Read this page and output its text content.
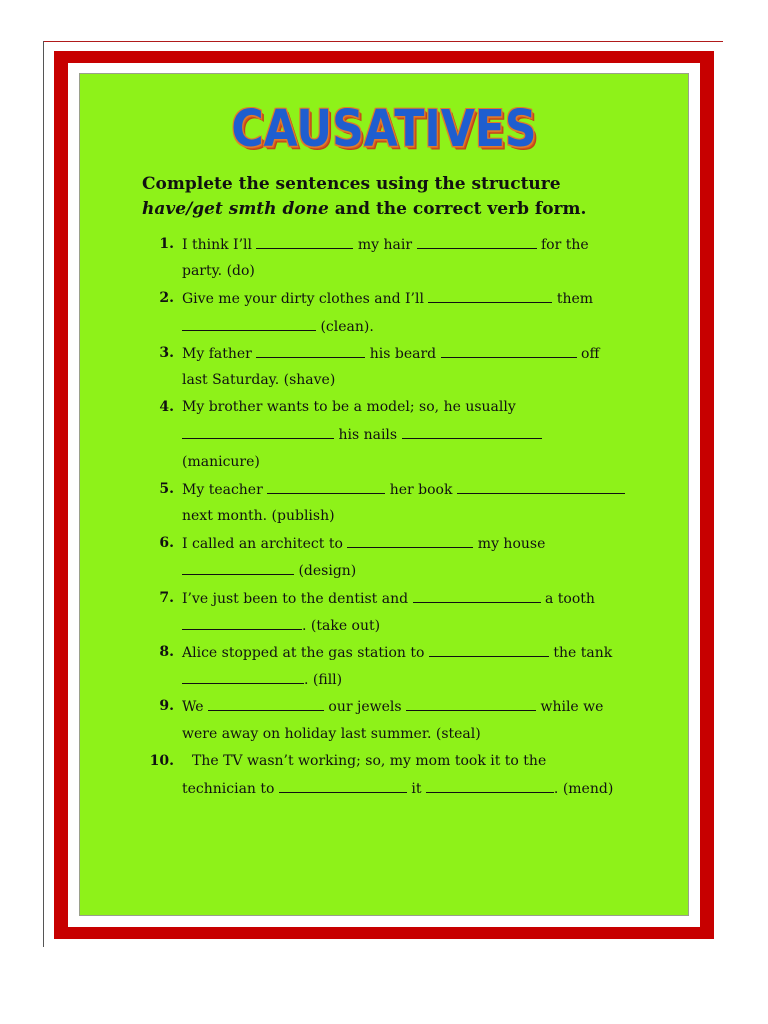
CAUSATIVES
Complete the sentences using the structure
have/get smth done and the correct verb form.
1. I think I’ll	my hair	for the
party. (do)
2. Give me your dirty clothes and I’ll	them
(clean).
3. My father	his beard	off
last Saturday. (shave)
4. My brother wants to be a model; so, he usually
his nails
(manicure)
5. My teacher	her book
next month. (publish)
6. I called an architect to	my house
(design)
7. I’ve just been to the dentist and	a tooth
. (take out)
8. Alice stopped at the gas station to	the tank
. (fill)
9. We	our jewels	while we
were away on holiday last summer. (steal)
10. The TV wasn’t working; so, my mom took it to the
technician to	it	. (mend)
